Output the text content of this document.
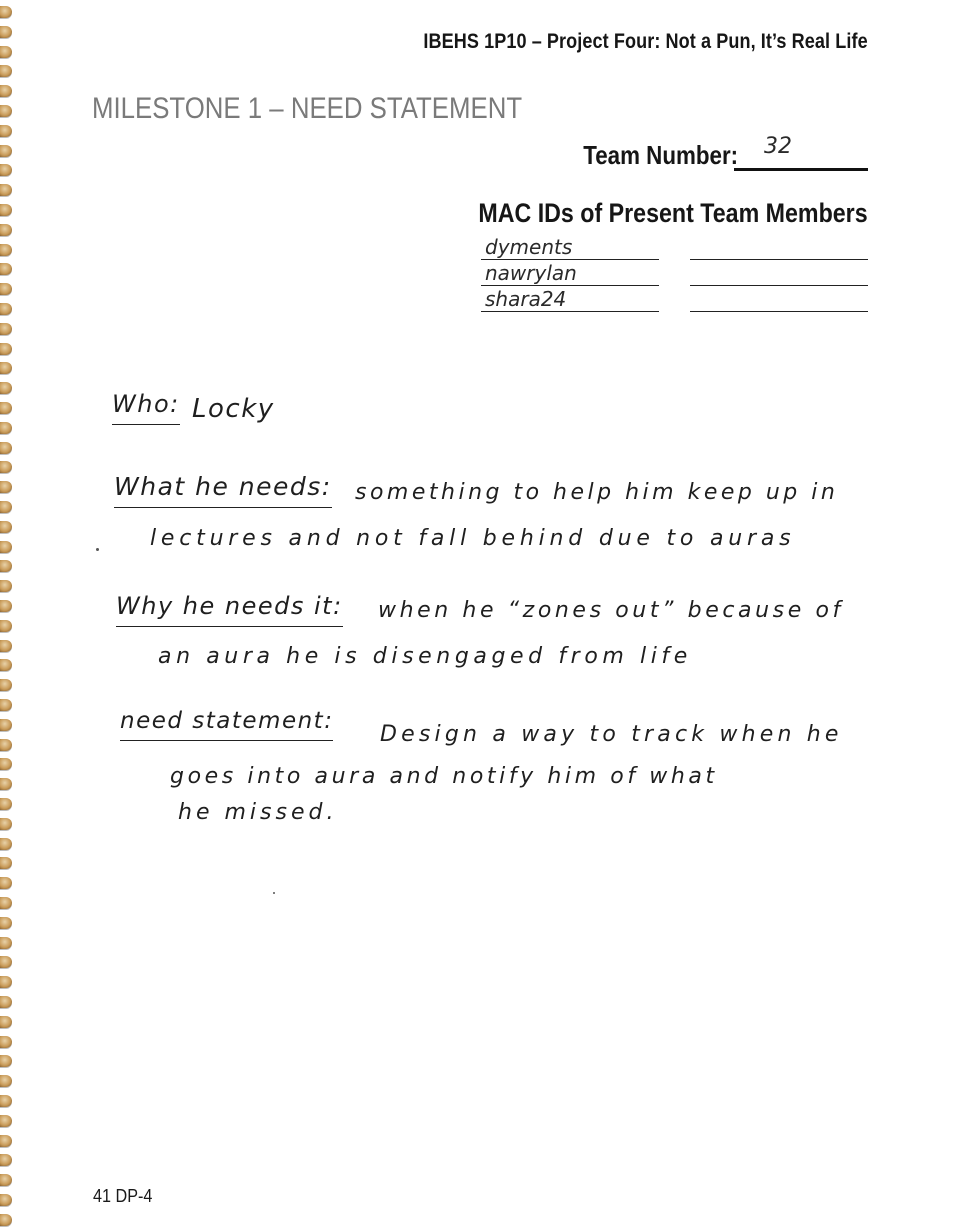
IBEHS 1P10 – Project Four: Not a Pun, It’s Real Life
MILESTONE 1 – NEED STATEMENT
Team Number: 32
MAC IDs of Present Team Members
dyments
nawrylan
shara24
Who: Locky
What he needs: something to help him keep up in
lectures and not fall behind due to auras
Why he needs it: when he “zones out” because of
an aura he is disengaged from life
need statement:
Design a way to track when he
goes into aura and notify him of what
he missed.
41 DP-4
